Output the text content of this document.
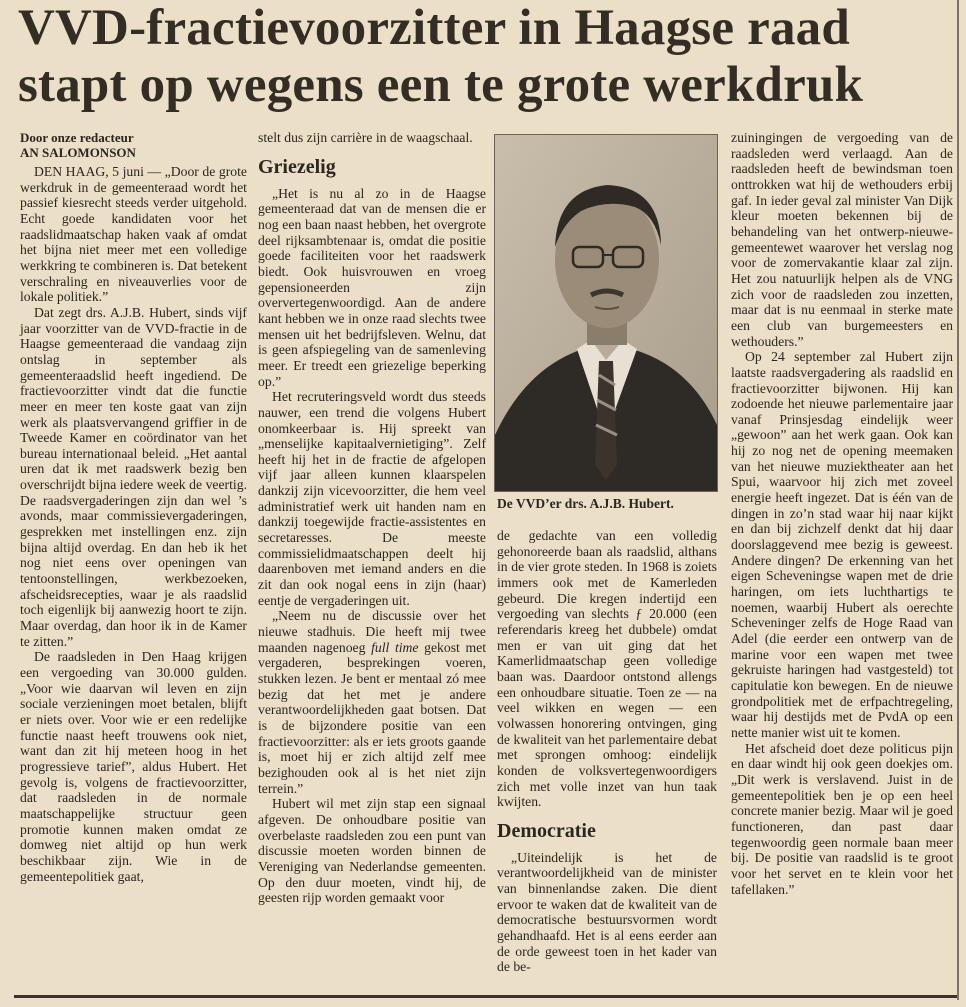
VVD-fractievoorzitter in Haagse raad
stapt op wegens een te grote werkdruk
Door onze redacteur
AN SALOMONSON

DEN HAAG, 5 juni — „Door de grote werkdruk in de gemeenteraad wordt het passief kiesrecht steeds verder uitgehold. Echt goede kandidaten voor het raadslidmaatschap haken vaak af omdat het bijna niet meer met een volledige werkkring te combineren is. Dat betekent verschraling en niveauverlies voor de lokale politiek.”

Dat zegt drs. A.J.B. Hubert, sinds vijf jaar voorzitter van de VVD-fractie in de Haagse gemeenteraad die vandaag zijn ontslag in september als gemeenteraadslid heeft ingediend. De fractievoorzitter vindt dat die functie meer en meer ten koste gaat van zijn werk als plaatsvervangend griffier in de Tweede Kamer en coördinator van het bureau internationaal beleid. „Het aantal uren dat ik met raadswerk bezig ben overschrijdt bijna iedere week de veertig. De raadsvergaderingen zijn dan wel ’s avonds, maar commissievergaderingen, gesprekken met instellingen enz. zijn bijna altijd overdag. En dan heb ik het nog niet eens over openingen van tentoonstellingen, werkbezoeken, afscheidsrecepties, waar je als raadslid toch eigenlijk bij aanwezig hoort te zijn. Maar overdag, dan hoor ik in de Kamer te zitten.”

De raadsleden in Den Haag krijgen een vergoeding van 30.000 gulden. „Voor wie daarvan wil leven en zijn sociale verzieningen moet betalen, blijft er niets over. Voor wie er een redelijke functie naast heeft trouwens ook niet, want dan zit hij meteen hoog in het progressieve tarief”, aldus Hubert. Het gevolg is, volgens de fractievoorzitter, dat raadsleden in de normale maatschappelijke structuur geen promotie kunnen maken omdat ze domweg niet altijd op hun werk beschikbaar zijn. Wie in de gemeentepolitiek gaat,

stelt dus zijn carrière in de waagschaal.

Griezelig

„Het is nu al zo in de Haagse gemeenteraad dat van de mensen die er nog een baan naast hebben, het overgrote deel rijksambtenaar is, omdat die positie goede faciliteiten voor het raadswerk biedt. Ook huisvrouwen en vroeg gepensioneerden zijn oververtegenwoordigd. Aan de andere kant hebben we in onze raad slechts twee mensen uit het bedrijfsleven. Welnu, dat is geen afspiegeling van de samenleving meer. Er treedt een griezelige beperking op.”

Het recruteringsveld wordt dus steeds nauwer, een trend die volgens Hubert onomkeerbaar is. Hij spreekt van „menselijke kapitaalvernietiging”. Zelf heeft hij het in de fractie de afgelopen vijf jaar alleen kunnen klaarspelen dankzij zijn vicevoorzitter, die hem veel administratief werk uit handen nam en dankzij toegewijde fractie-assistentes en secretaresses. De meeste commissielidmaatschappen deelt hij daarenboven met iemand anders en die zit dan ook nogal eens in zijn (haar) eentje de vergaderingen uit.

„Neem nu de discussie over het nieuwe stadhuis. Die heeft mij twee maanden nagenoeg full time gekost met vergaderen, besprekingen voeren, stukken lezen. Je bent er mentaal zó mee bezig dat het met je andere verantwoordelijkheden gaat botsen. Dat is de bijzondere positie van een fractievoorzitter: als er iets groots gaande is, moet hij er zich altijd zelf mee bezighouden ook al is het niet zijn terrein.”

Hubert wil met zijn stap een signaal afgeven. De onhoudbare positie van overbelaste raadsleden zou een punt van discussie moeten worden binnen de Vereniging van Nederlandse gemeenten. Op den duur moeten, vindt hij, de geesten rijp worden gemaakt voor

De VVD’er drs. A.J.B. Hubert.

de gedachte van een volledig gehonoreerde baan als raadslid, althans in de vier grote steden. In 1968 is zoiets immers ook met de Kamerleden gebeurd. Die kregen indertijd een vergoeding van slechts ƒ 20.000 (een referendaris kreeg het dubbele) omdat men er van uit ging dat het Kamerlidmaatschap geen volledige baan was. Daardoor ontstond allengs een onhoudbare situatie. Toen ze — na veel wikken en wegen — een volwassen honorering ontvingen, ging de kwaliteit van het parlementaire debat met sprongen omhoog: eindelijk konden de volksvertegenwoordigers zich met volle inzet van hun taak kwijten.

Democratie

„Uiteindelijk is het de verantwoordelijkheid van de minister van binnenlandse zaken. Die dient ervoor te waken dat de kwaliteit van de democratische bestuursvormen wordt gehandhaafd. Het is al eens eerder aan de orde geweest toen in het kader van de be-

zuiningingen de vergoeding van de raadsleden werd verlaagd. Aan de raadsleden heeft de bewindsman toen onttrokken wat hij de wethouders erbij gaf. In ieder geval zal minister Van Dijk kleur moeten bekennen bij de behandeling van het ontwerp-nieuwe-gemeentewet waarover het verslag nog voor de zomervakantie klaar zal zijn. Het zou natuurlijk helpen als de VNG zich voor de raadsleden zou inzetten, maar dat is nu eenmaal in sterke mate een club van burgemeesters en wethouders.”

Op 24 september zal Hubert zijn laatste raadsvergadering als raadslid en fractievoorzitter bijwonen. Hij kan zodoende het nieuwe parlementaire jaar vanaf Prinsjesdag eindelijk weer „gewoon” aan het werk gaan. Ook kan hij zo nog net de opening meemaken van het nieuwe muziektheater aan het Spui, waarvoor hij zich met zoveel energie heeft ingezet. Dat is één van de dingen in zo’n stad waar hij naar kijkt en dan bij zichzelf denkt dat hij daar doorslaggevend mee bezig is geweest. Andere dingen? De erkenning van het eigen Scheveningse wapen met de drie haringen, om iets luchthartigs te noemen, waarbij Hubert als oerechte Scheveninger zelfs de Hoge Raad van Adel (die eerder een ontwerp van de marine voor een wapen met twee gekruiste haringen had vastgesteld) tot capitulatie kon bewegen. En de nieuwe grondpolitiek met de erfpachtregeling, waar hij destijds met de PvdA op een nette manier wist uit te komen.

Het afscheid doet deze politicus pijn en daar windt hij ook geen doekjes om. „Dit werk is verslavend. Juist in de gemeentepolitiek ben je op een heel concrete manier bezig. Maar wil je goed functioneren, dan past daar tegenwoordig geen normale baan meer bij. De positie van raadslid is te groot voor het servet en te klein voor het tafellaken.”
